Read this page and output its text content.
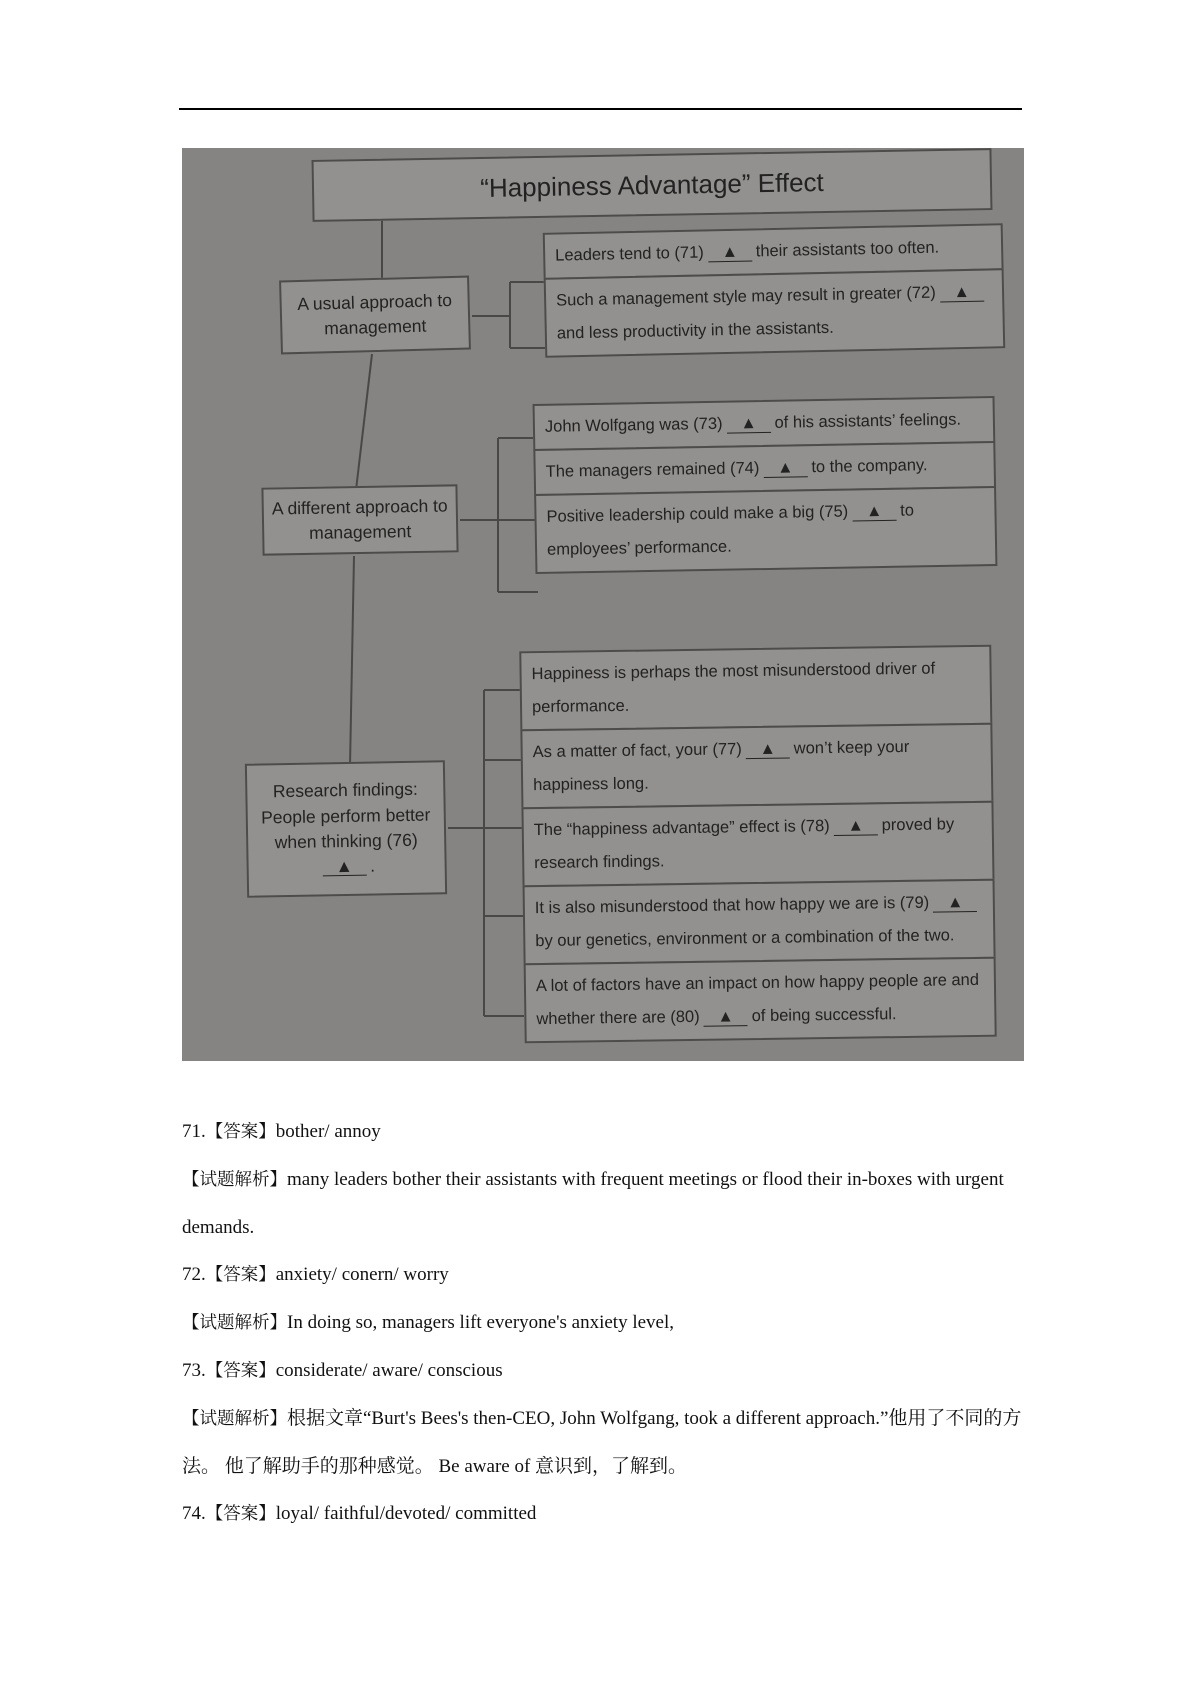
“Happiness Advantage” Effect
A usual approach to management
A different approach to management
Research findings: People perform better when thinking (76) ▲ .
Leaders tend to (71) ▲ their assistants too often.
Such a management style may result in greater (72) ▲and less productivity in the assistants.
John Wolfgang was (73) ▲ of his assistants’ feelings.
The managers remained (74) ▲ to the company.
Positive leadership could make a big (75) ▲ to employees’ performance.
Happiness is perhaps the most misunderstood driver of performance.
As a matter of fact, your (77) ▲ won’t keep your happiness long.
The “happiness advantage” effect is (78) ▲ proved by research findings.
It is also misunderstood that how happy we are is (79) ▲by our genetics, environment or a combination of the two.
A lot of factors have an impact on how happy people are and whether there are (80) ▲ of being successful.

71.【答案】bother/ annoy

【试题解析】many leaders bother their assistants with frequent meetings or flood their in-boxes with urgent demands.

72.【答案】anxiety/ conern/ worry

【试题解析】In doing so, managers lift everyone's anxiety level,

73.【答案】considerate/ aware/ conscious

【试题解析】根据文章“Burt's Bees's then-CEO, John Wolfgang, took a different approach.”他用了不同的方法。 他了解助手的那种感觉。 Be aware of 意识到，了解到。

74.【答案】loyal/ faithful/devoted/ committed
